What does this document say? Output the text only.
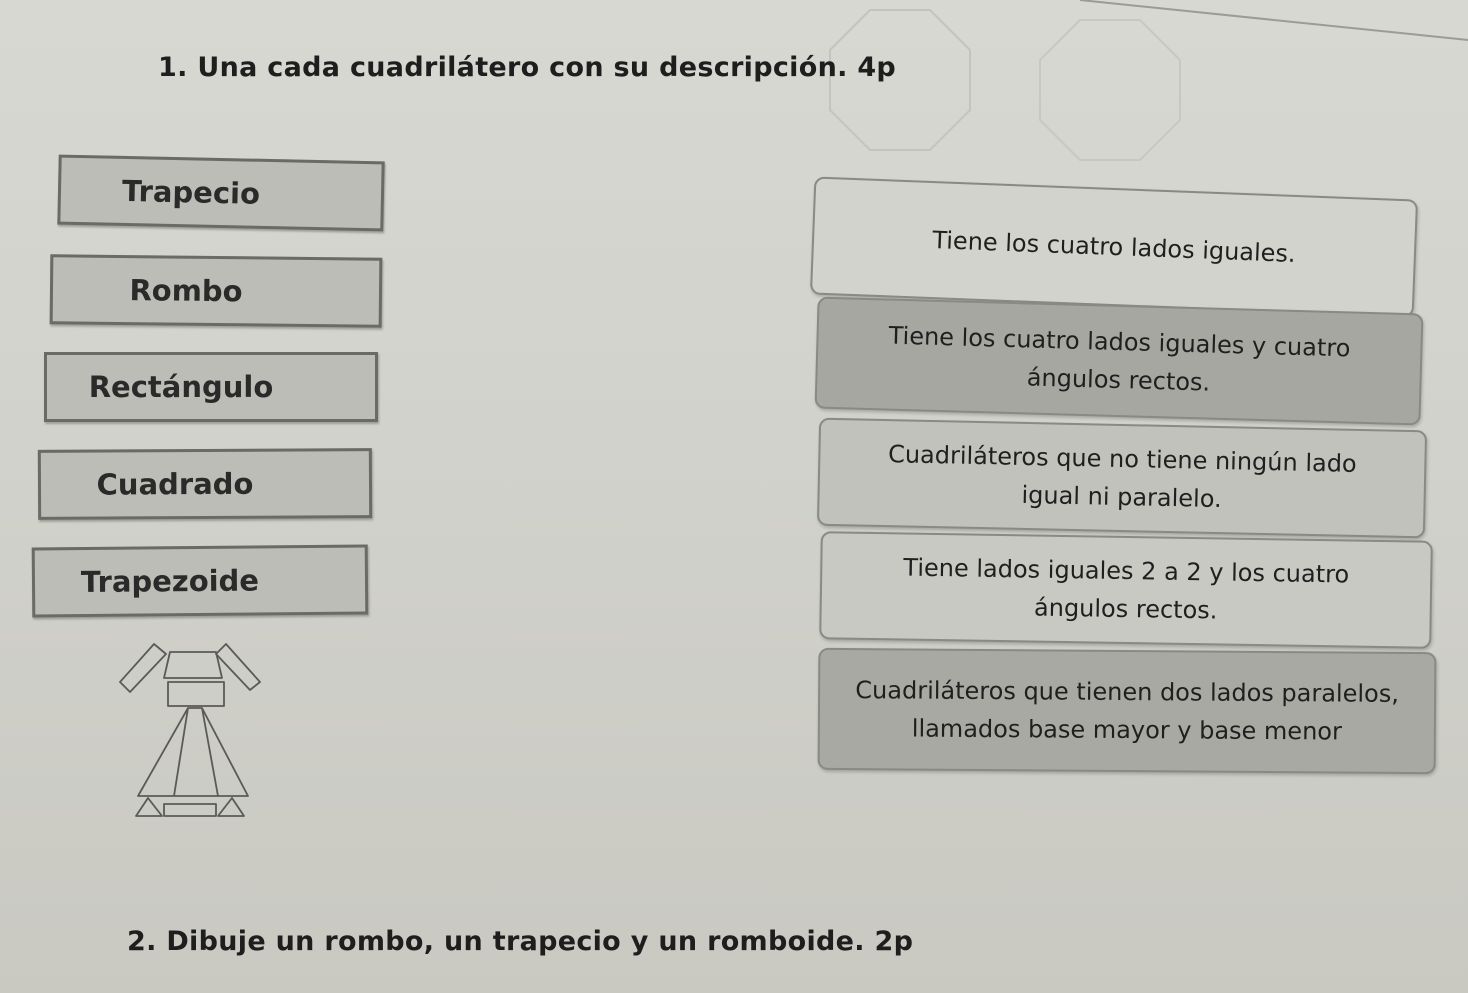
1. Una cada cuadrilátero con su descripción. 4p
Trapecio
Rombo
Rectángulo
Cuadrado
Trapezoide
Tiene los cuatro lados iguales.
Tiene los cuatro lados iguales y cuatro
ángulos rectos.
Cuadriláteros que no tiene ningún lado
igual ni paralelo.
Tiene lados iguales 2 a 2 y los cuatro
ángulos rectos.
Cuadriláteros que tienen dos lados paralelos,
llamados base mayor y base menor
2. Dibuje un rombo, un trapecio y un romboide. 2p
